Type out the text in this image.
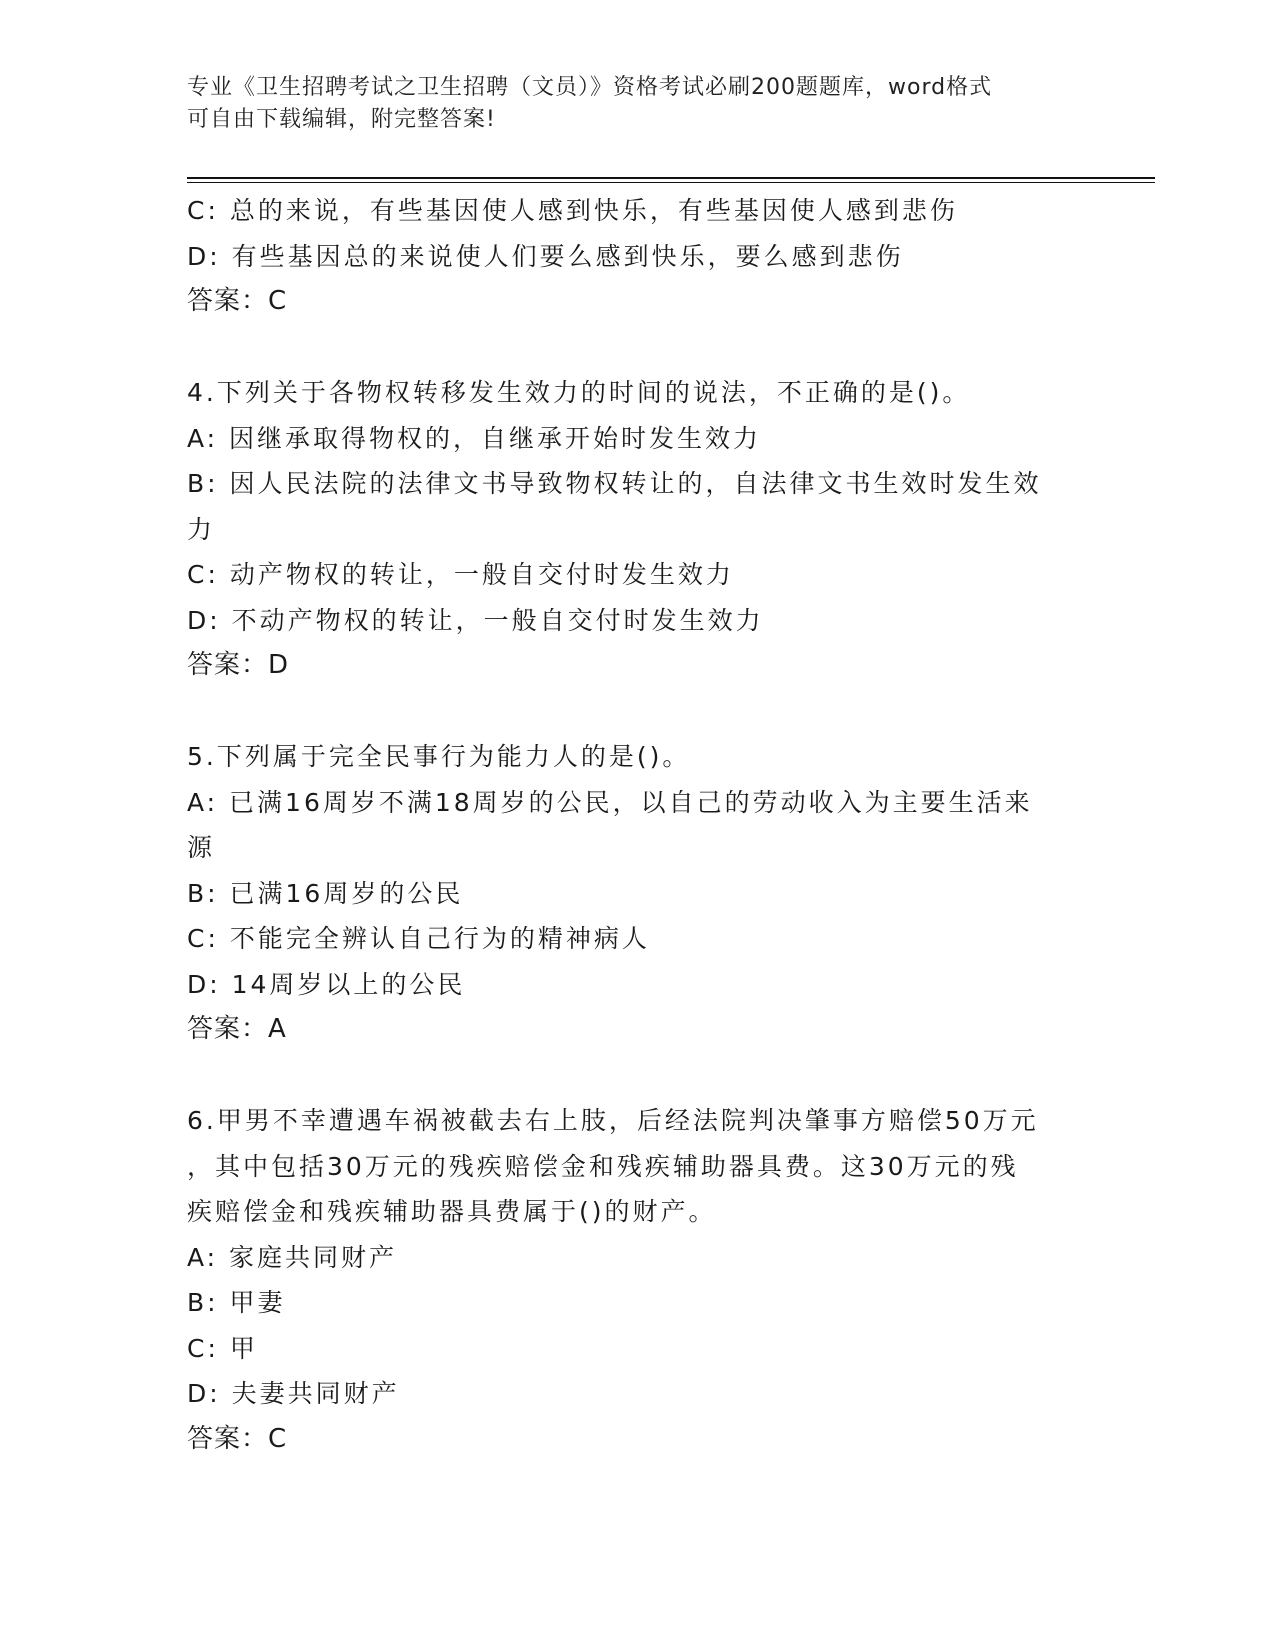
专业《卫生招聘考试之卫生招聘（文员）》资格考试必刷200题题库，word格式
可自由下载编辑，附完整答案!
C: 总的来说，有些基因使人感到快乐，有些基因使人感到悲伤
D: 有些基因总的来说使人们要么感到快乐，要么感到悲伤
答案：C
4.下列关于各物权转移发生效力的时间的说法，不正确的是()。
A: 因继承取得物权的，自继承开始时发生效力
B: 因人民法院的法律文书导致物权转让的，自法律文书生效时发生效
力
C: 动产物权的转让，一般自交付时发生效力
D: 不动产物权的转让，一般自交付时发生效力
答案：D
5.下列属于完全民事行为能力人的是()。
A: 已满16周岁不满18周岁的公民，以自己的劳动收入为主要生活来
源
B: 已满16周岁的公民
C: 不能完全辨认自己行为的精神病人
D: 14周岁以上的公民
答案：A
6.甲男不幸遭遇车祸被截去右上肢，后经法院判决肇事方赔偿50万元
，其中包括30万元的残疾赔偿金和残疾辅助器具费。这30万元的残
疾赔偿金和残疾辅助器具费属于()的财产。
A: 家庭共同财产
B: 甲妻
C: 甲
D: 夫妻共同财产
答案：C
